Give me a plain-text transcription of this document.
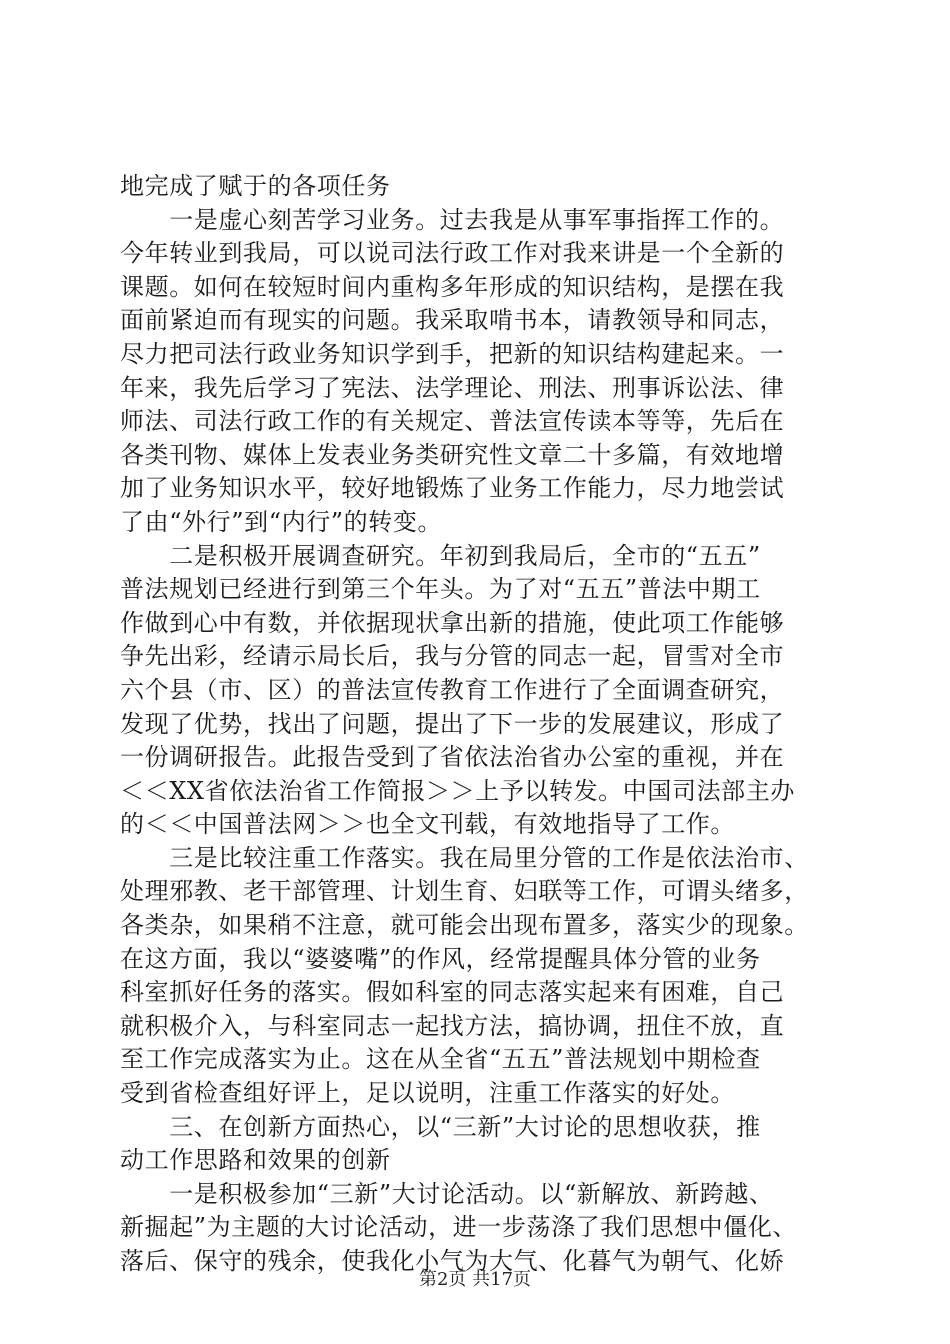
地完成了赋于的各项任务
　　一是虚心刻苦学习业务。过去我是从事军事指挥工作的。
今年转业到我局，可以说司法行政工作对我来讲是一个全新的
课题。如何在较短时间内重构多年形成的知识结构，是摆在我
面前紧迫而有现实的问题。我采取啃书本，请教领导和同志，
尽力把司法行政业务知识学到手，把新的知识结构建起来。一
年来，我先后学习了宪法、法学理论、刑法、刑事诉讼法、律
师法、司法行政工作的有关规定、普法宣传读本等等，先后在
各类刊物、媒体上发表业务类研究性文章二十多篇，有效地增
加了业务知识水平，较好地锻炼了业务工作能力，尽力地尝试
了由“外行”到“内行”的转变。
　　二是积极开展调查研究。年初到我局后，全市的“五五”
普法规划已经进行到第三个年头。为了对“五五”普法中期工
作做到心中有数，并依据现状拿出新的措施，使此项工作能够
争先出彩，经请示局长后，我与分管的同志一起，冒雪对全市
六个县（市、区）的普法宣传教育工作进行了全面调查研究，
发现了优势，找出了问题，提出了下一步的发展建议，形成了
一份调研报告。此报告受到了省依法治省办公室的重视，并在
＜＜XX省依法治省工作简报＞＞上予以转发。中国司法部主办
的＜＜中国普法网＞＞也全文刊载，有效地指导了工作。
　　三是比较注重工作落实。我在局里分管的工作是依法治市、
处理邪教、老干部管理、计划生育、妇联等工作，可谓头绪多，
各类杂，如果稍不注意，就可能会出现布置多，落实少的现象。
在这方面，我以“婆婆嘴”的作风，经常提醒具体分管的业务
科室抓好任务的落实。假如科室的同志落实起来有困难，自己
就积极介入，与科室同志一起找方法，搞协调，扭住不放，直
至工作完成落实为止。这在从全省“五五”普法规划中期检查
受到省检查组好评上，足以说明，注重工作落实的好处。
　　三、在创新方面热心，以“三新”大讨论的思想收获，推
动工作思路和效果的创新
　　一是积极参加“三新”大讨论活动。以“新解放、新跨越、
新掘起”为主题的大讨论活动，进一步荡涤了我们思想中僵化、
落后、保守的残余，使我化小气为大气、化暮气为朝气、化娇
第2页 共17页
